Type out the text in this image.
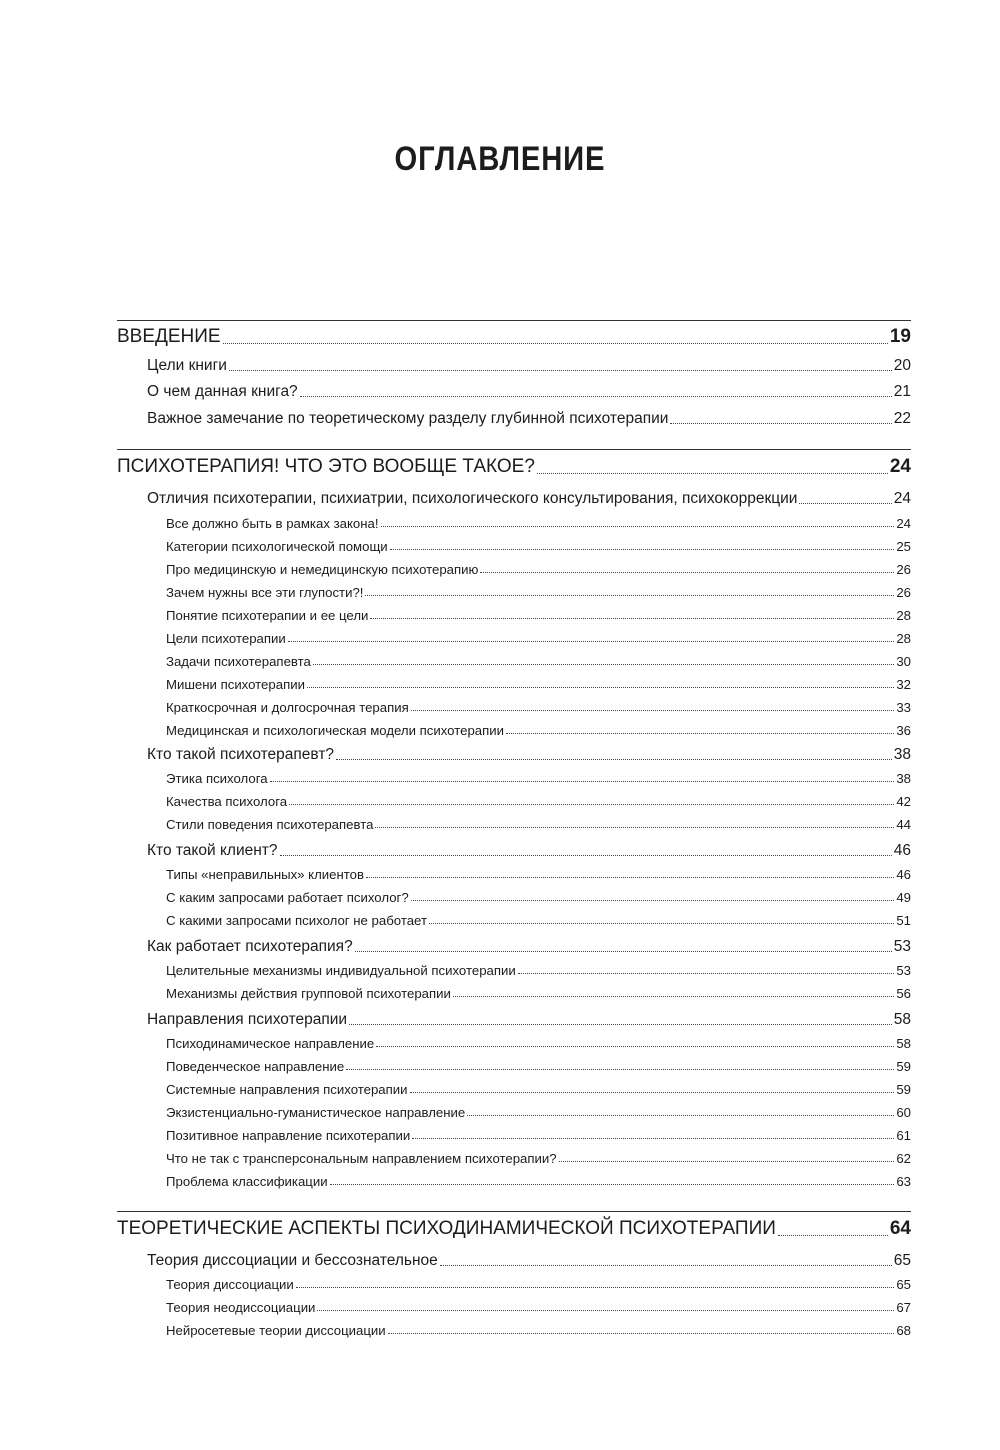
ОГЛАВЛЕНИЕ
ВВЕДЕНИЕ	19
Цели книги	20
О чем данная книга?	21
Важное замечание по теоретическому разделу глубинной психотерапии	22
ПСИХОТЕРАПИЯ! ЧТО ЭТО ВООБЩЕ ТАКОЕ?	24
Отличия психотерапии, психиатрии, психологического консультирования, психокоррекции	24
Все должно быть в рамках закона!	24
Категории психологической помощи	25
Про медицинскую и немедицинскую психотерапию	26
Зачем нужны все эти глупости?!	26
Понятие психотерапии и ее цели	28
Цели психотерапии	28
Задачи психотерапевта	30
Мишени психотерапии	32
Краткосрочная и долгосрочная терапия	33
Медицинская и психологическая модели психотерапии	36
Кто такой психотерапевт?	38
Этика психолога	38
Качества психолога	42
Стили поведения психотерапевта	44
Кто такой клиент?	46
Типы «неправильных» клиентов	46
С каким запросами работает психолог?	49
С какими запросами психолог не работает	51
Как работает психотерапия?	53
Целительные механизмы индивидуальной психотерапии	53
Механизмы действия групповой психотерапии	56
Направления психотерапии	58
Психодинамическое направление	58
Поведенческое направление	59
Системные направления психотерапии	59
Экзистенциально-гуманистическое направление	60
Позитивное направление психотерапии	61
Что не так с трансперсональным направлением психотерапии?	62
Проблема классификации	63
ТЕОРЕТИЧЕСКИЕ АСПЕКТЫ ПСИХОДИНАМИЧЕСКОЙ ПСИХОТЕРАПИИ	64
Теория диссоциации и бессознательное	65
Теория диссоциации	65
Теория неодиссоциации	67
Нейросетевые теории диссоциации	68
